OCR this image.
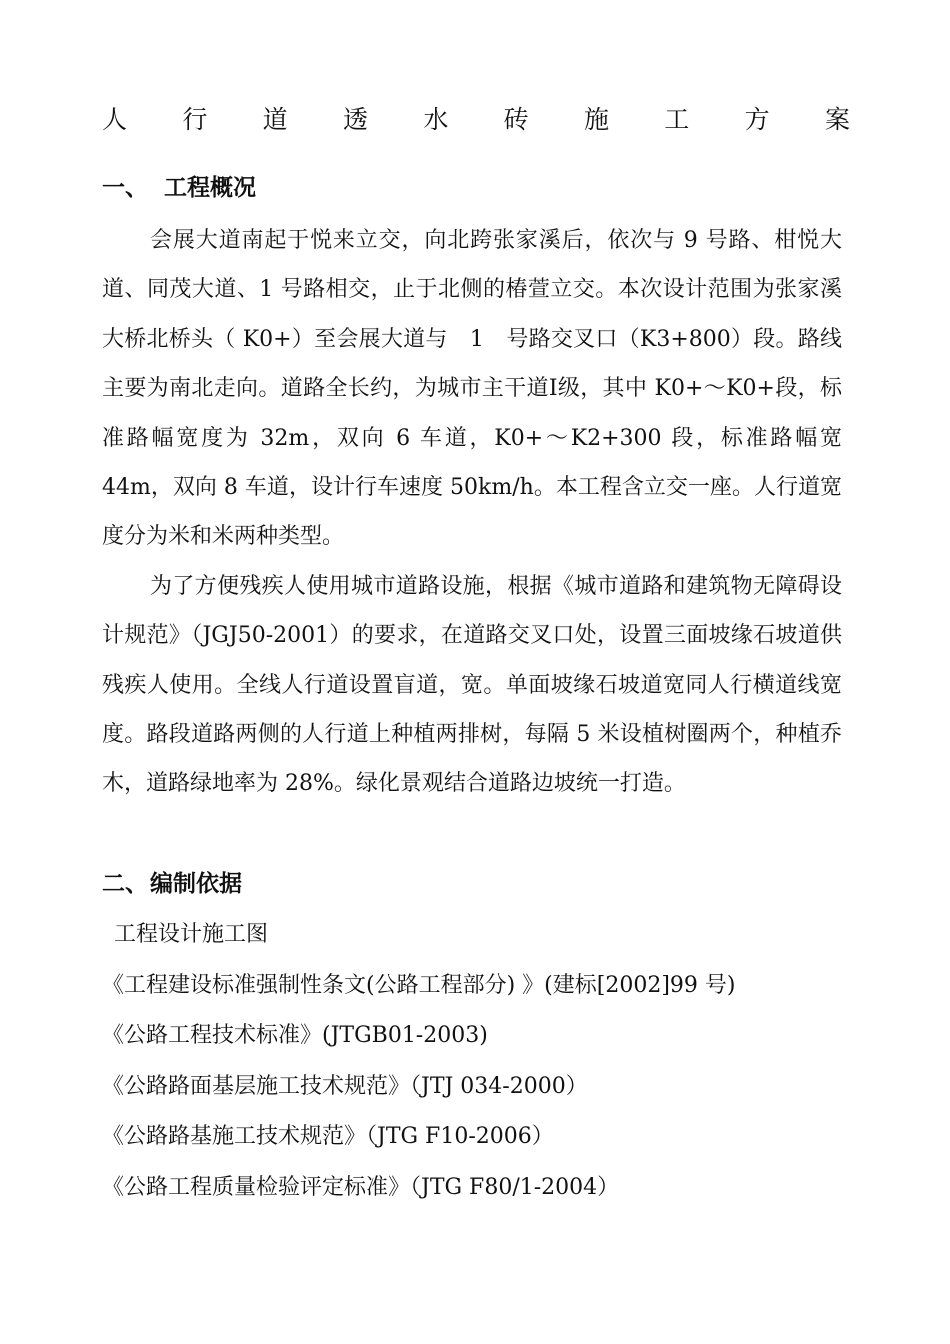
人 行 道 透 水 砖 施 工 方 案
一、 工程概况

会展大道南起于悦来立交，向北跨张家溪后，依次与 9 号路、柑悦大道、同茂大道、1 号路相交，止于北侧的椿萱立交。本次设计范围为张家溪大桥北桥头（ K0+）至会展大道与　1　号路交叉口（K3+800）段。路线主要为南北走向。道路全长约，为城市主干道Ⅰ级，其中 K0+～K0+段，标准路幅宽度为 32m，双向 6 车道，K0+～K2+300 段，标准路幅宽 44m，双向 8 车道，设计行车速度 50km/h。本工程含立交一座。人行道宽度分为米和米两种类型。

为了方便残疾人使用城市道路设施，根据《城市道路和建筑物无障碍设计规范》（JGJ50-2001）的要求，在道路交叉口处，设置三面坡缘石坡道供残疾人使用。全线人行道设置盲道，宽。单面坡缘石坡道宽同人行横道线宽度。路段道路两侧的人行道上种植两排树，每隔 5 米设植树圈两个，种植乔木，道路绿地率为 28%。绿化景观结合道路边坡统一打造。

二、编制依据
工程设计施工图
《工程建设标准强制性条文(公路工程部分) 》(建标[2002]99 号)
《公路工程技术标准》(JTGB01-2003)
《公路路面基层施工技术规范》（JTJ 034-2000）
《公路路基施工技术规范》（JTG F10-2006）
《公路工程质量检验评定标准》（JTG F80/1-2004）
